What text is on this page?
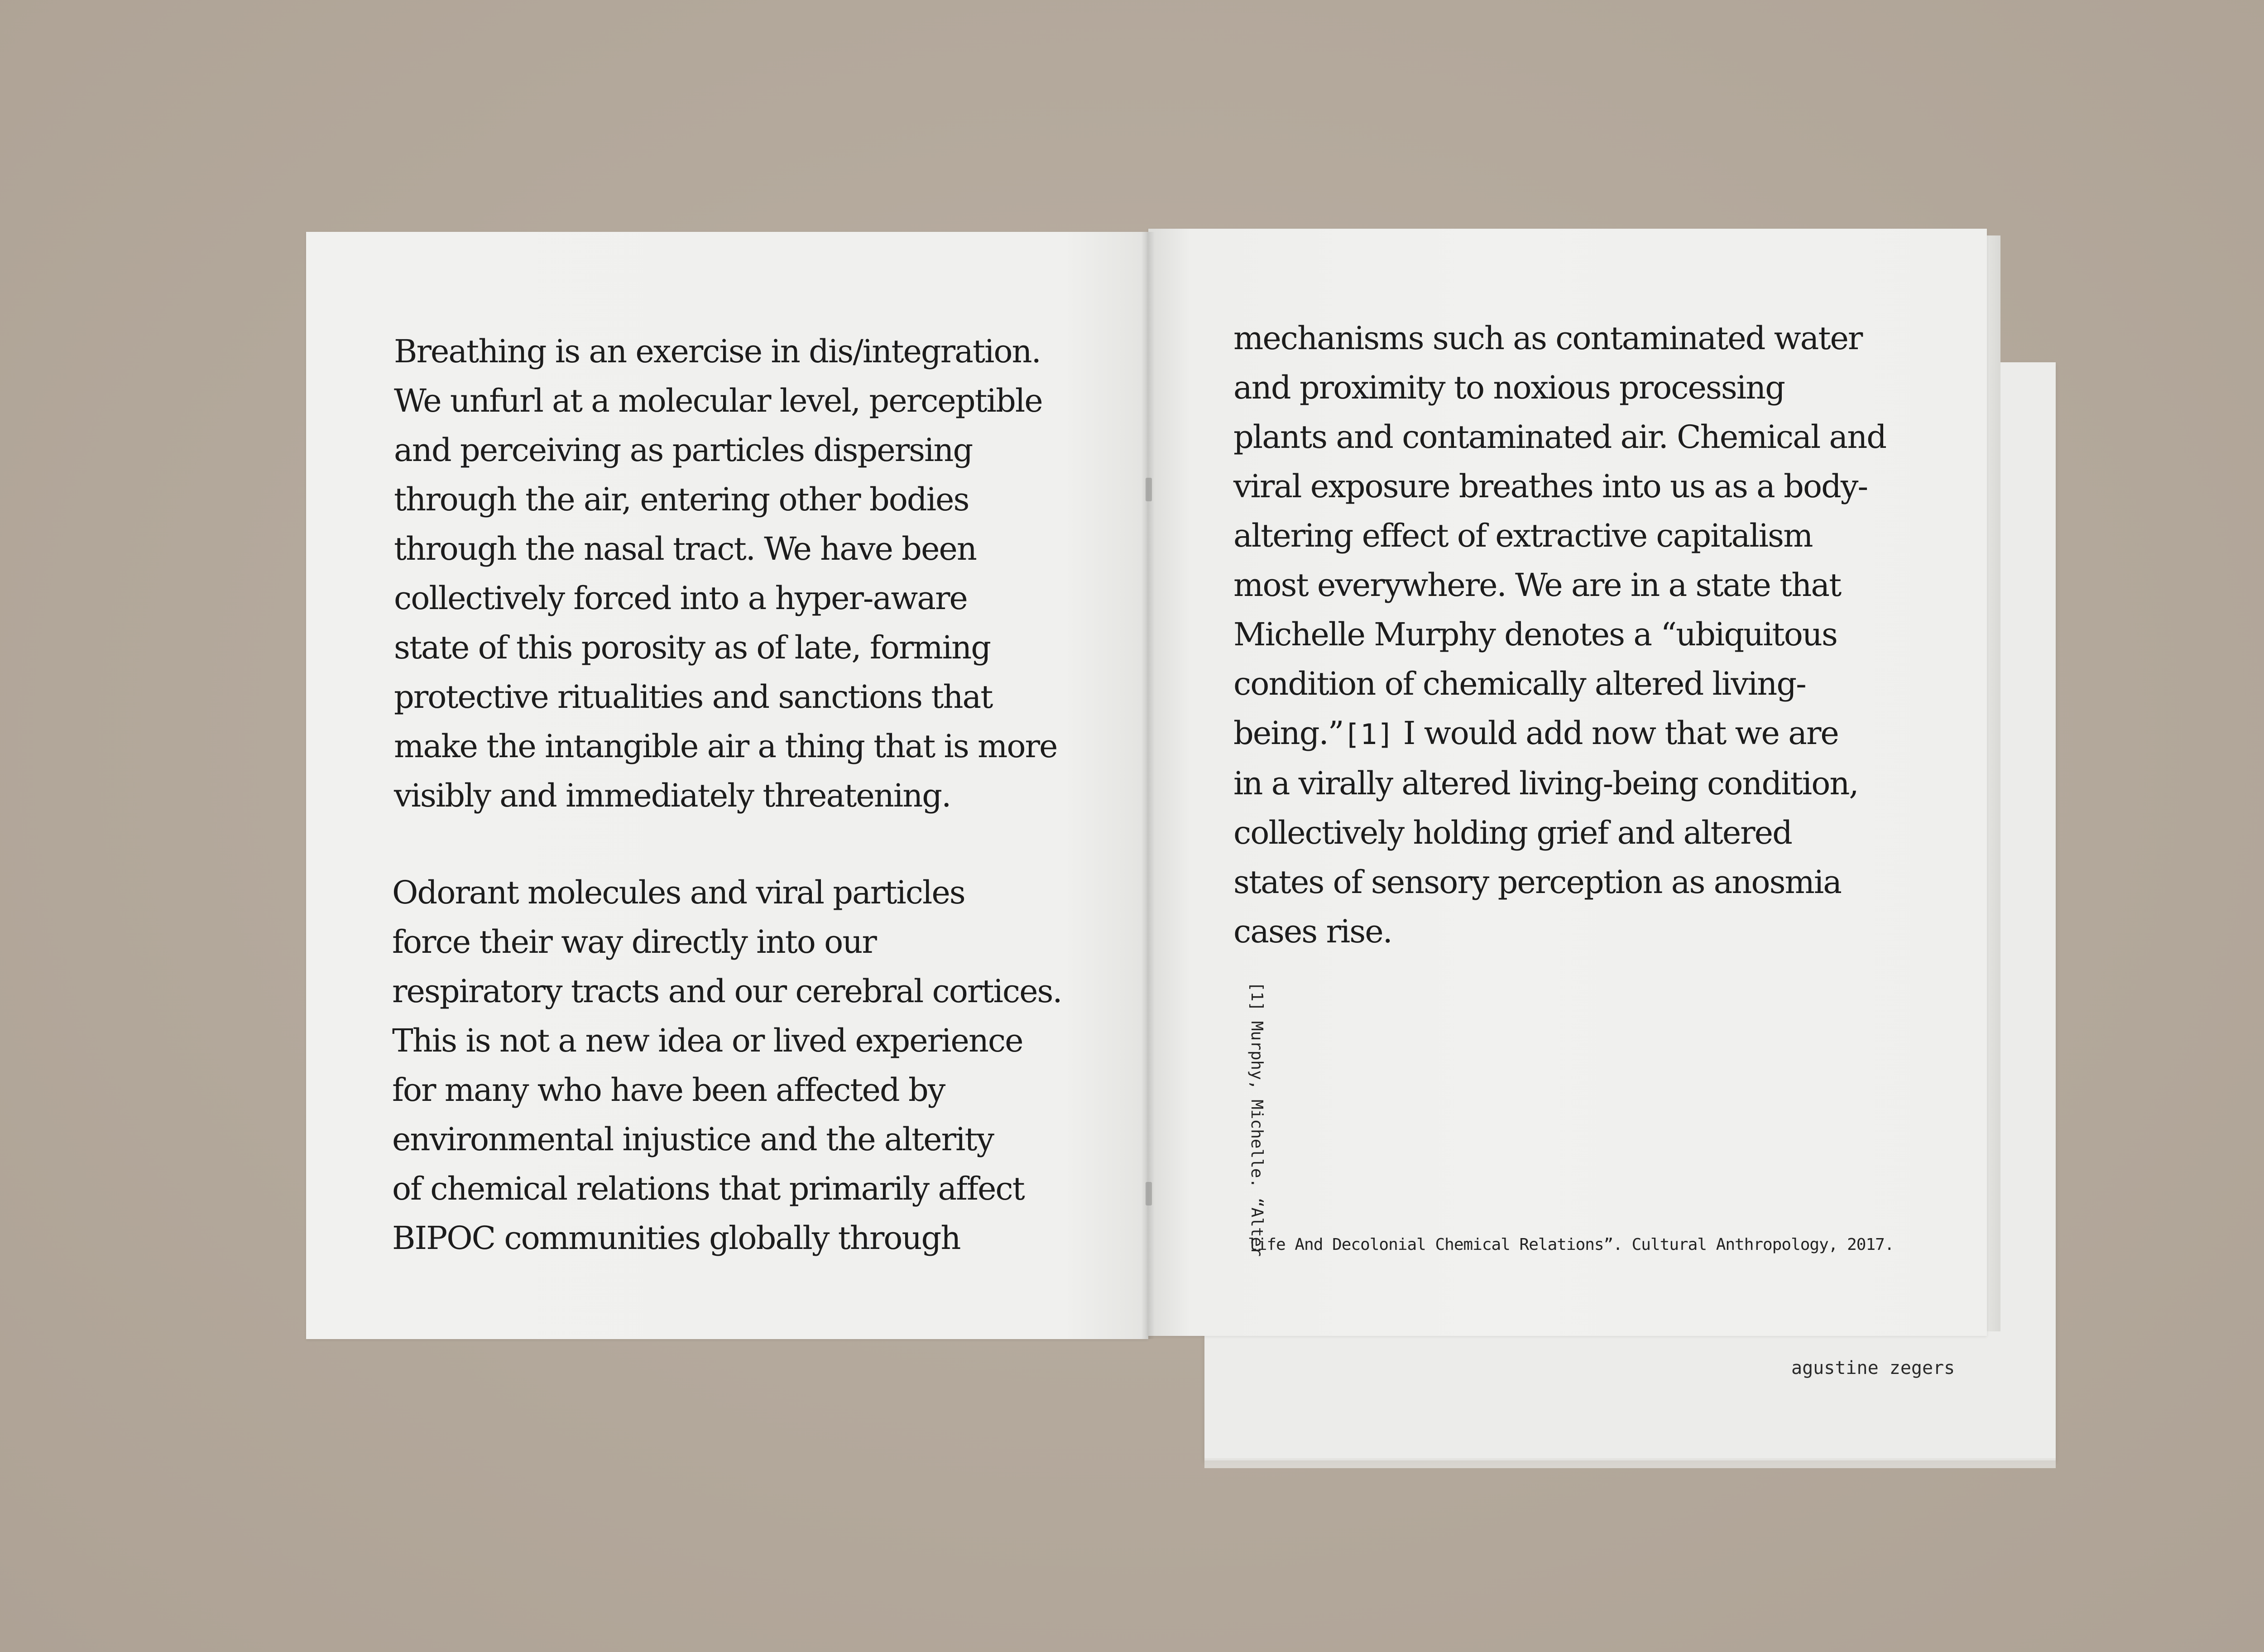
Breathing is an exercise in dis/integration.
We unfurl at a molecular level, perceptible
and perceiving as particles dispersing
through the air, entering other bodies
through the nasal tract. We have been
collectively forced into a hyper-aware
state of this porosity as of late, forming
protective ritualities and sanctions that
make the intangible air a thing that is more
visibly and immediately threatening.

Odorant molecules and viral particles
force their way directly into our
respiratory tracts and our cerebral cortices.
This is not a new idea or lived experience
for many who have been affected by
environmental injustice and the alterity
of chemical relations that primarily affect
BIPOC communities globally through

mechanisms such as contaminated water
and proximity to noxious processing
plants and contaminated air. Chemical and
viral exposure breathes into us as a body-
altering effect of extractive capitalism
most everywhere. We are in a state that
Michelle Murphy denotes a “ubiquitous
condition of chemically altered living-
being.”[1] I would add now that we are
in a virally altered living-being condition,
collectively holding grief and altered
states of sensory perception as anosmia
cases rise.

[1] Murphy, Michelle. “Alter
life And Decolonial Chemical Relations”. Cultural Anthropology, 2017.
agustine zegers
